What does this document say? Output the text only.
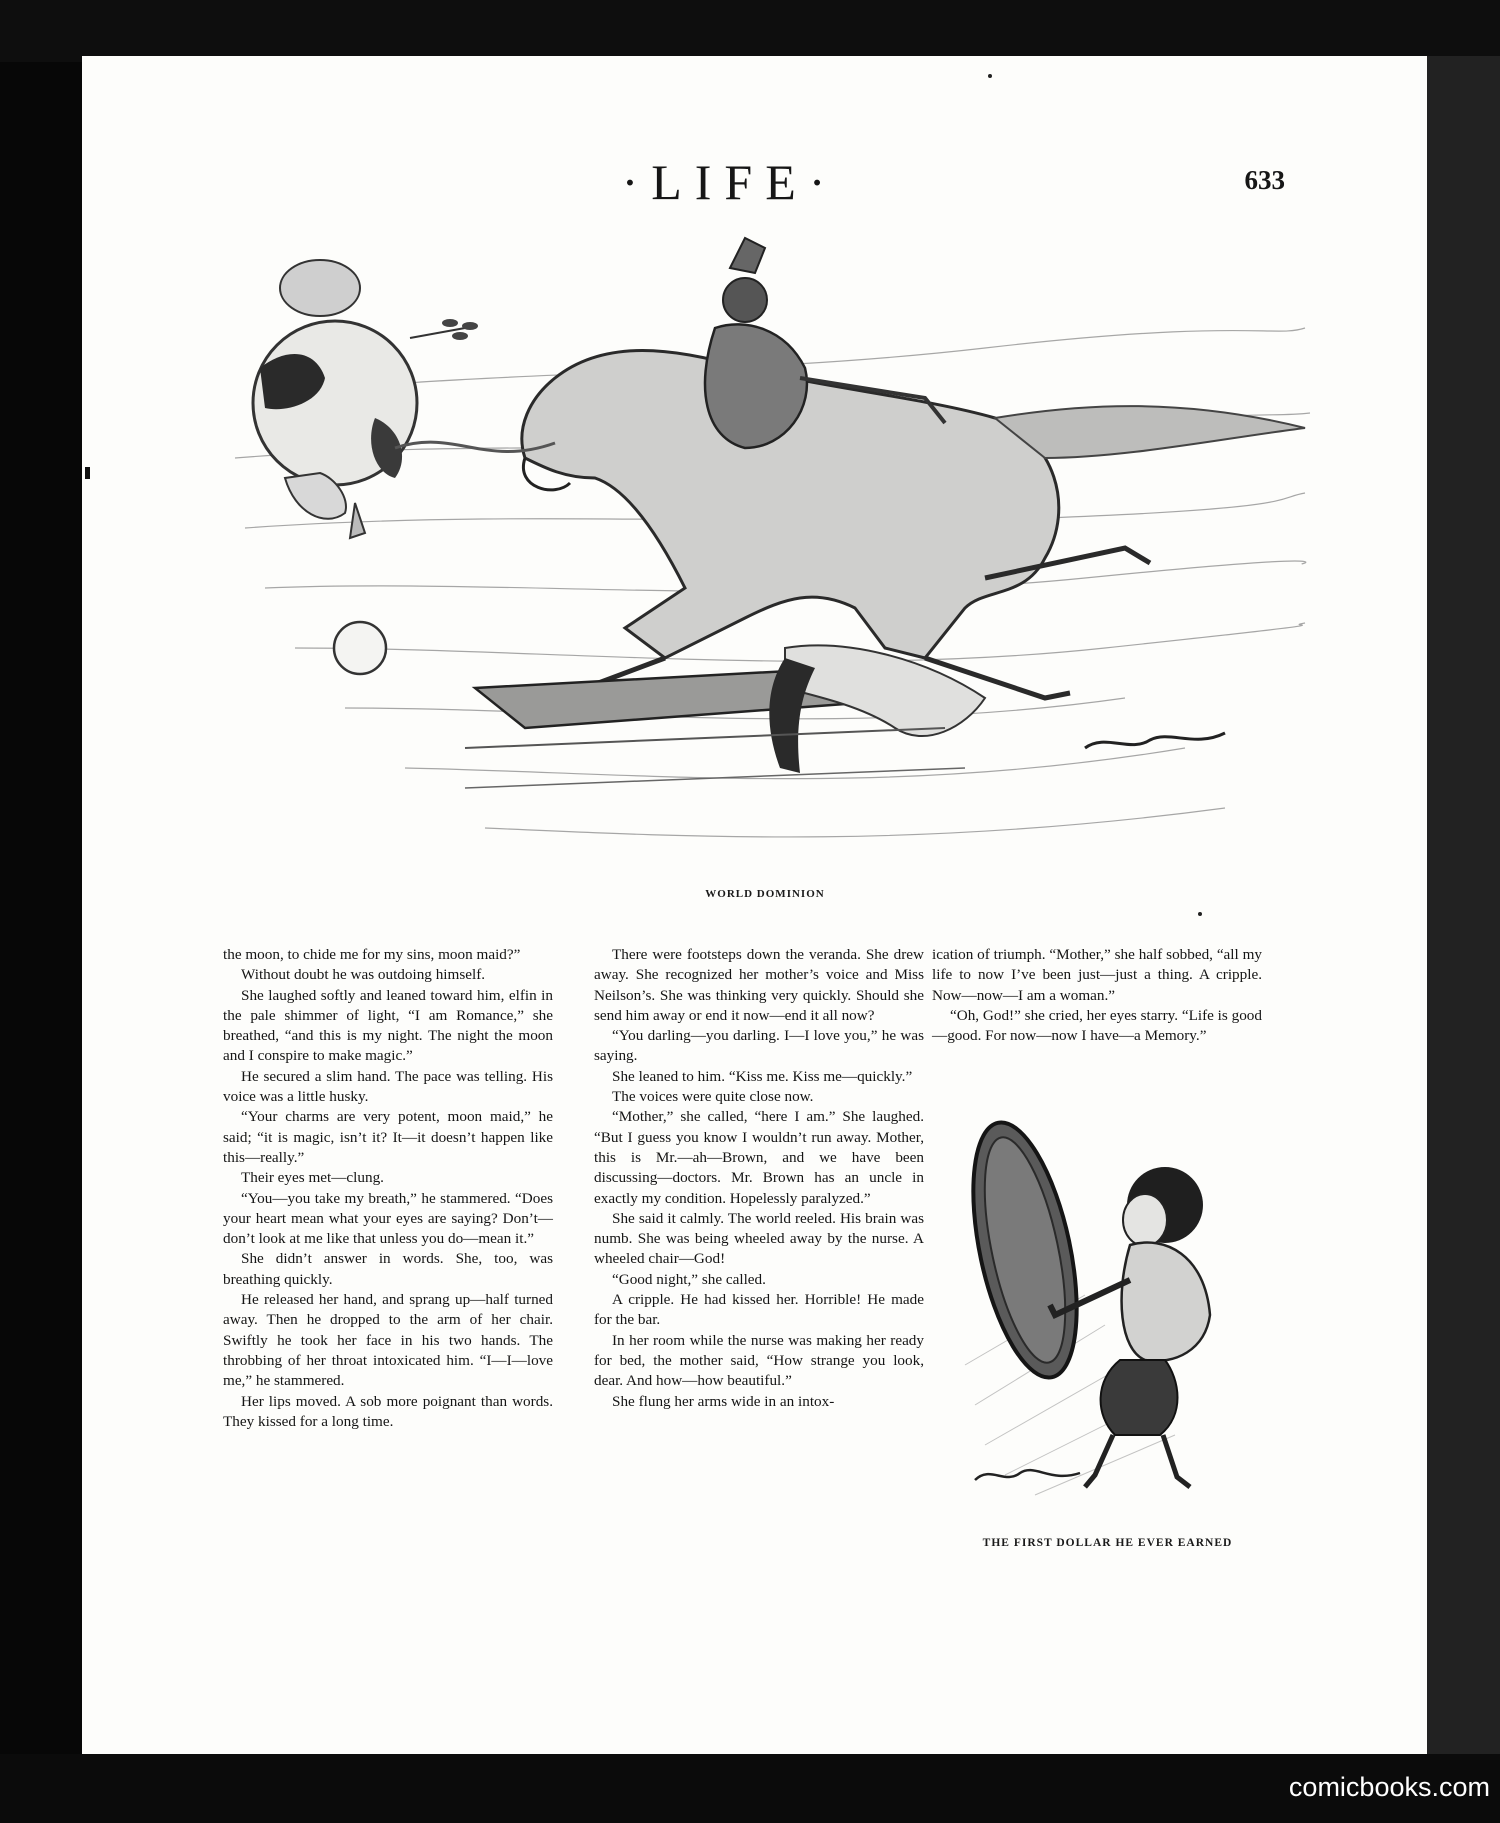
·LIFE·	633
WORLD DOMINION
THE FIRST DOLLAR HE EVER EARNED

the moon, to chide me for my sins, moon maid?”

Without doubt he was outdoing himself.

She laughed softly and leaned toward him, elfin in the pale shimmer of light, “I am Romance,” she breathed, “and this is my night. The night the moon and I conspire to make magic.”

He secured a slim hand. The pace was telling. His voice was a little husky.

“Your charms are very potent, moon maid,” he said; “it is magic, isn’t it? It—it doesn’t happen like this—really.”

Their eyes met—clung.

“You—you take my breath,” he stammered. “Does your heart mean what your eyes are saying? Don’t—don’t look at me like that unless you do—mean it.”

She didn’t answer in words. She, too, was breathing quickly.

He released her hand, and sprang up—half turned away. Then he dropped to the arm of her chair. Swiftly he took her face in his two hands. The throbbing of her throat intoxicated him. “I—I—love me,” he stammered.

Her lips moved. A sob more poignant than words. They kissed for a long time.

There were footsteps down the veranda. She drew away. She recognized her mother’s voice and Miss Neilson’s. She was thinking very quickly. Should she send him away or end it now—end it all now?

“You darling—you darling. I—I love you,” he was saying.

She leaned to him. “Kiss me. Kiss me—quickly.”

The voices were quite close now.

“Mother,” she called, “here I am.” She laughed. “But I guess you know I wouldn’t run away. Mother, this is Mr.—ah—Brown, and we have been discussing—doctors. Mr. Brown has an uncle in exactly my condition. Hopelessly paralyzed.”

She said it calmly. The world reeled. His brain was numb. She was being wheeled away by the nurse. A wheeled chair—God!

“Good night,” she called.

A cripple. He had kissed her. Horrible! He made for the bar.

In her room while the nurse was making her ready for bed, the mother said, “How strange you look, dear. And how—how beautiful.”

She flung her arms wide in an intox-

ication of triumph. “Mother,” she half sobbed, “all my life to now I’ve been just—just a thing. A cripple. Now—now—I am a woman.”

“Oh, God!” she cried, her eyes starry. “Life is good—good. For now—now I have—a Memory.”

comicbooks.com
